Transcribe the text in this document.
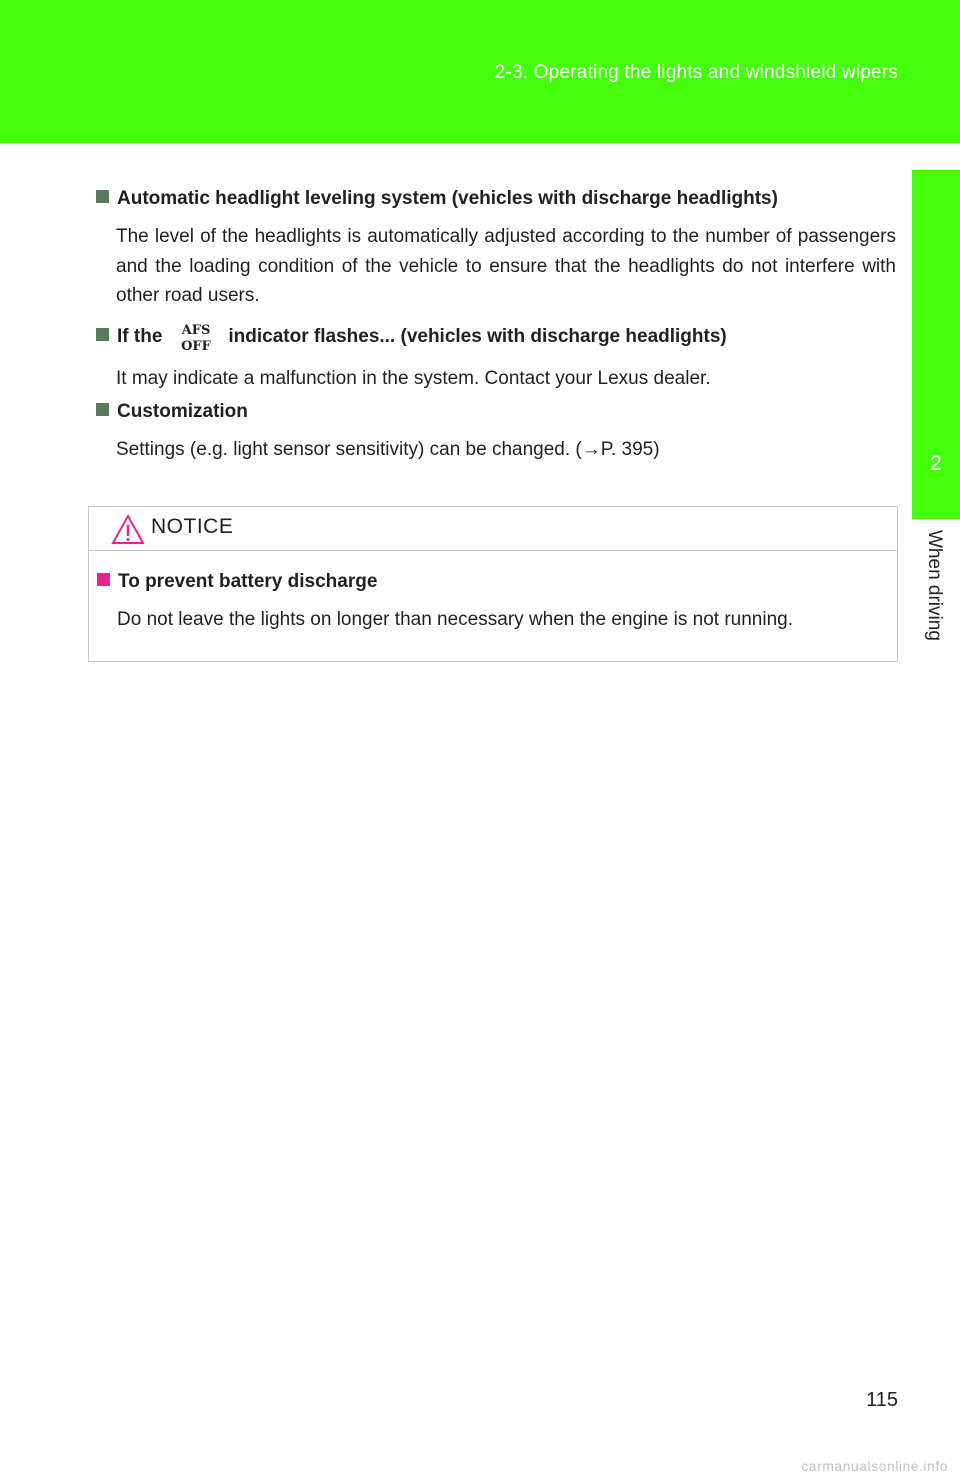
2-3. Operating the lights and windshield wipers
2
When driving
Automatic headlight leveling system (vehicles with discharge headlights)
The level of the headlights is automatically adjusted according to the number of passengers and the loading condition of the vehicle to ensure that the headlights do not interfere with other road users.
If the AFS
OFF indicator flashes... (vehicles with discharge headlights)
It may indicate a malfunction in the system. Contact your Lexus dealer.
Customization
Settings (e.g. light sensor sensitivity) can be changed. (→P. 395)
NOTICE
To prevent battery discharge
Do not leave the lights on longer than necessary when the engine is not running.
115
carmanualsonline.info
